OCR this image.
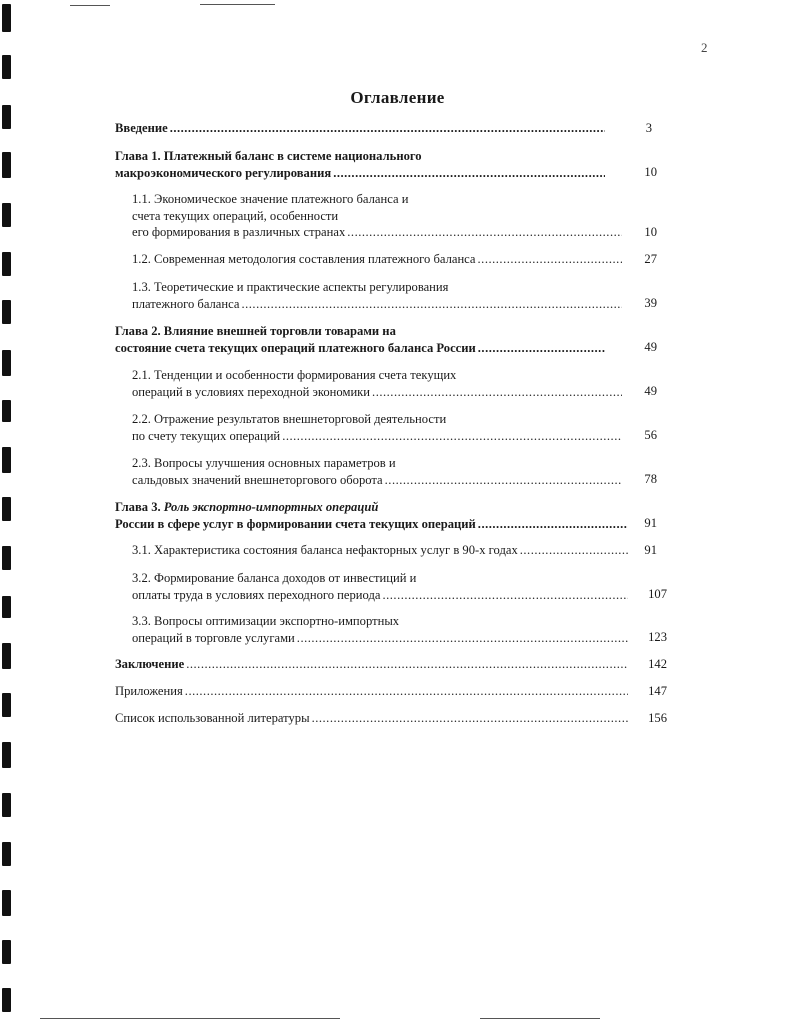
2
Оглавление
Введение .....	3
Глава 1. Платежный баланс в системе национального
макроэкономического регулирования .....	10
1.1. Экономическое значение платежного баланса и
счета текущих операций, особенности
его формирования в различных странах .....	10
1.2. Современная методология составления платежного баланса .....	27
1.3. Теоретические и практические аспекты регулирования
платежного баланса .....	39
Глава 2. Влияние внешней торговли товарами на
состояние счета текущих операций платежного баланса России .....	49
2.1. Тенденции и особенности формирования счета текущих
операций в условиях переходной экономики .....	49
2.2. Отражение результатов внешнеторговой деятельности
по счету текущих операций .....	56
2.3. Вопросы улучшения основных параметров и
сальдовых значений внешнеторгового оборота .....	78
Глава 3. Роль экспортно-импортных операций
России в сфере услуг в формировании счета текущих операций .....	91
3.1. Характеристика состояния баланса нефакторных услуг в 90-х годах .....	91
3.2. Формирование баланса доходов от инвестиций и
оплаты труда в условиях переходного периода .....	107
3.3. Вопросы оптимизации экспортно-импортных
операций в торговле услугами .....	123
Заключение .....	142
Приложения .....	147
Список использованной литературы .....	156
